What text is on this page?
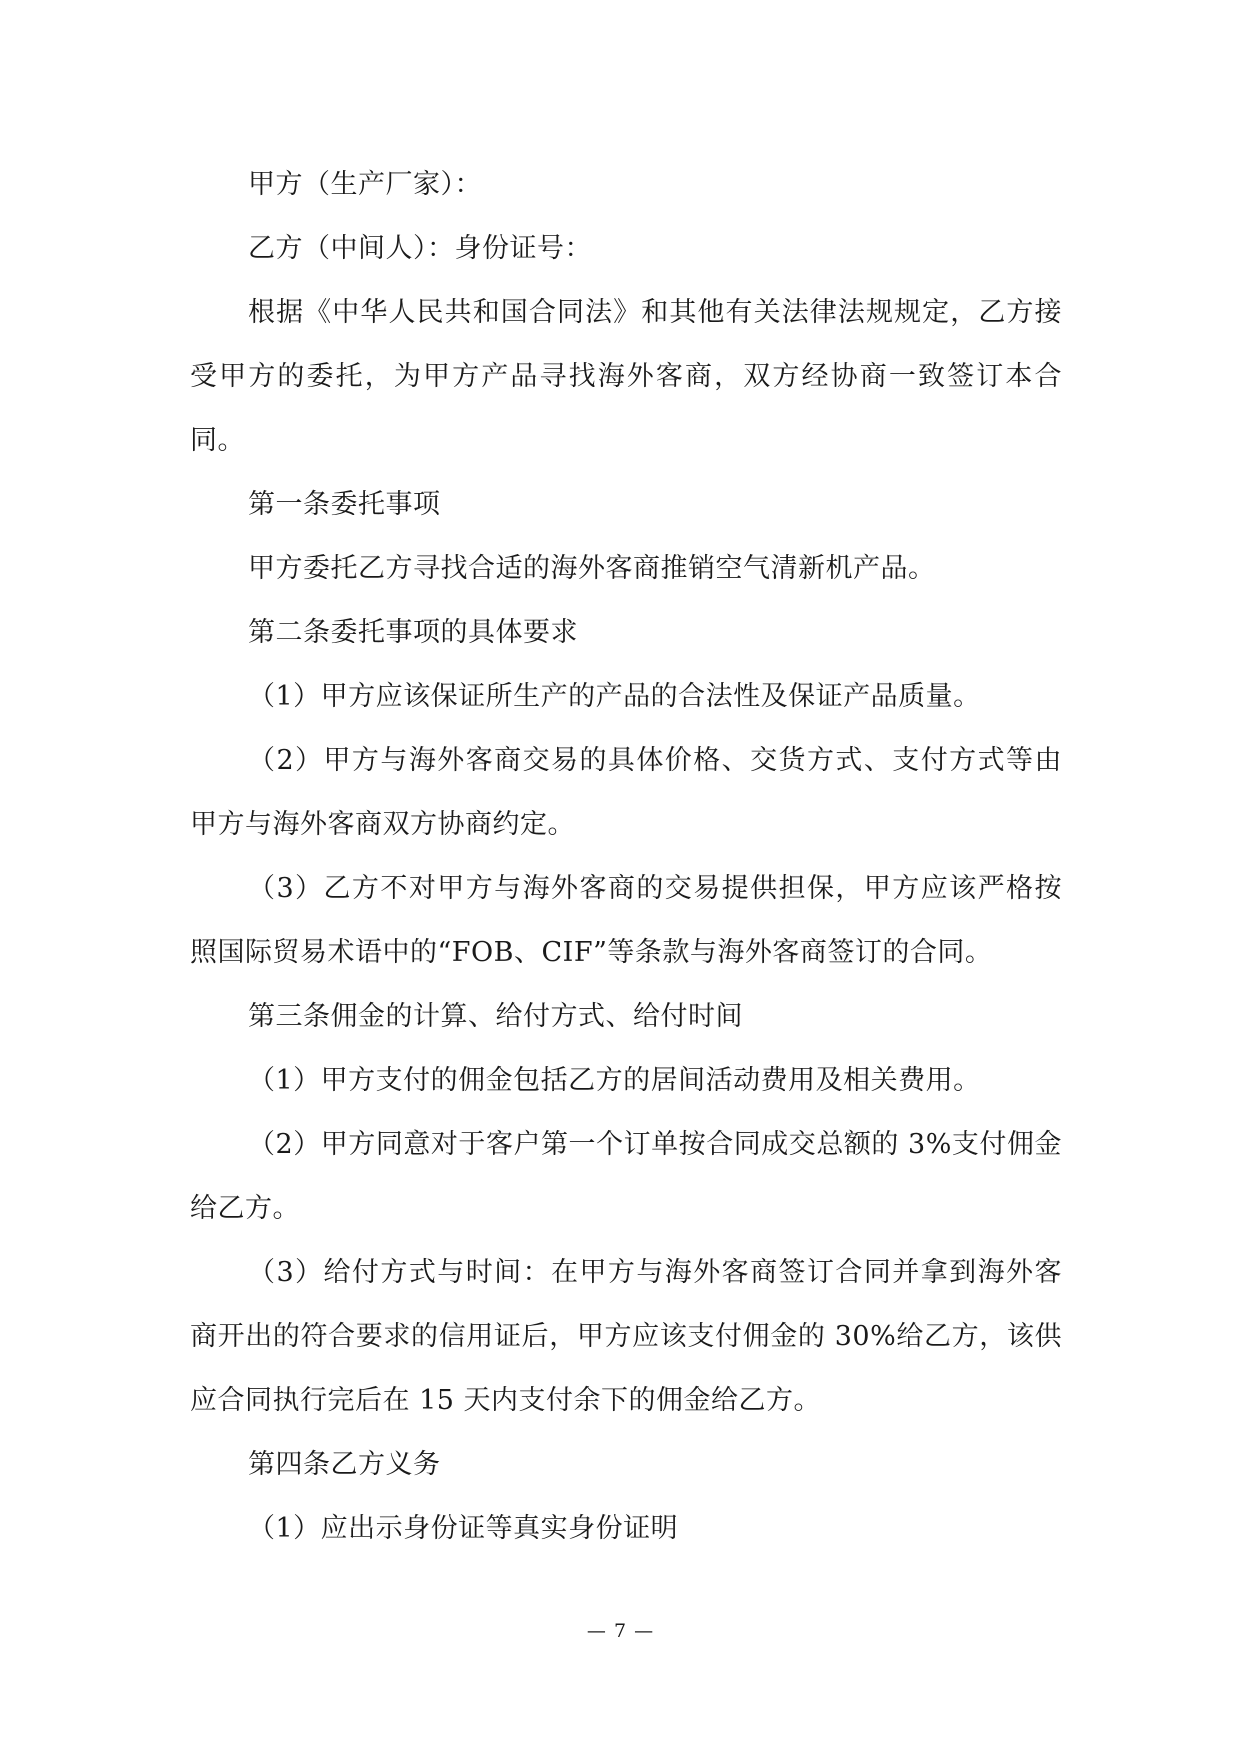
甲方（生产厂家）：

乙方（中间人）：身份证号：

根据《中华人民共和国合同法》和其他有关法律法规规定，乙方接受甲方的委托，为甲方产品寻找海外客商，双方经协商一致签订本合同。

第一条委托事项

甲方委托乙方寻找合适的海外客商推销空气清新机产品。

第二条委托事项的具体要求

（1）甲方应该保证所生产的产品的合法性及保证产品质量。

（2）甲方与海外客商交易的具体价格、交货方式、支付方式等由甲方与海外客商双方协商约定。

（3）乙方不对甲方与海外客商的交易提供担保，甲方应该严格按照国际贸易术语中的“FOB、CIF”等条款与海外客商签订的合同。

第三条佣金的计算、给付方式、给付时间

（1）甲方支付的佣金包括乙方的居间活动费用及相关费用。

（2）甲方同意对于客户第一个订单按合同成交总额的 3%支付佣金给乙方。

（3）给付方式与时间：在甲方与海外客商签订合同并拿到海外客商开出的符合要求的信用证后，甲方应该支付佣金的 30%给乙方，该供应合同执行完后在 15 天内支付余下的佣金给乙方。

第四条乙方义务

（1）应出示身份证等真实身份证明

— 7 —
